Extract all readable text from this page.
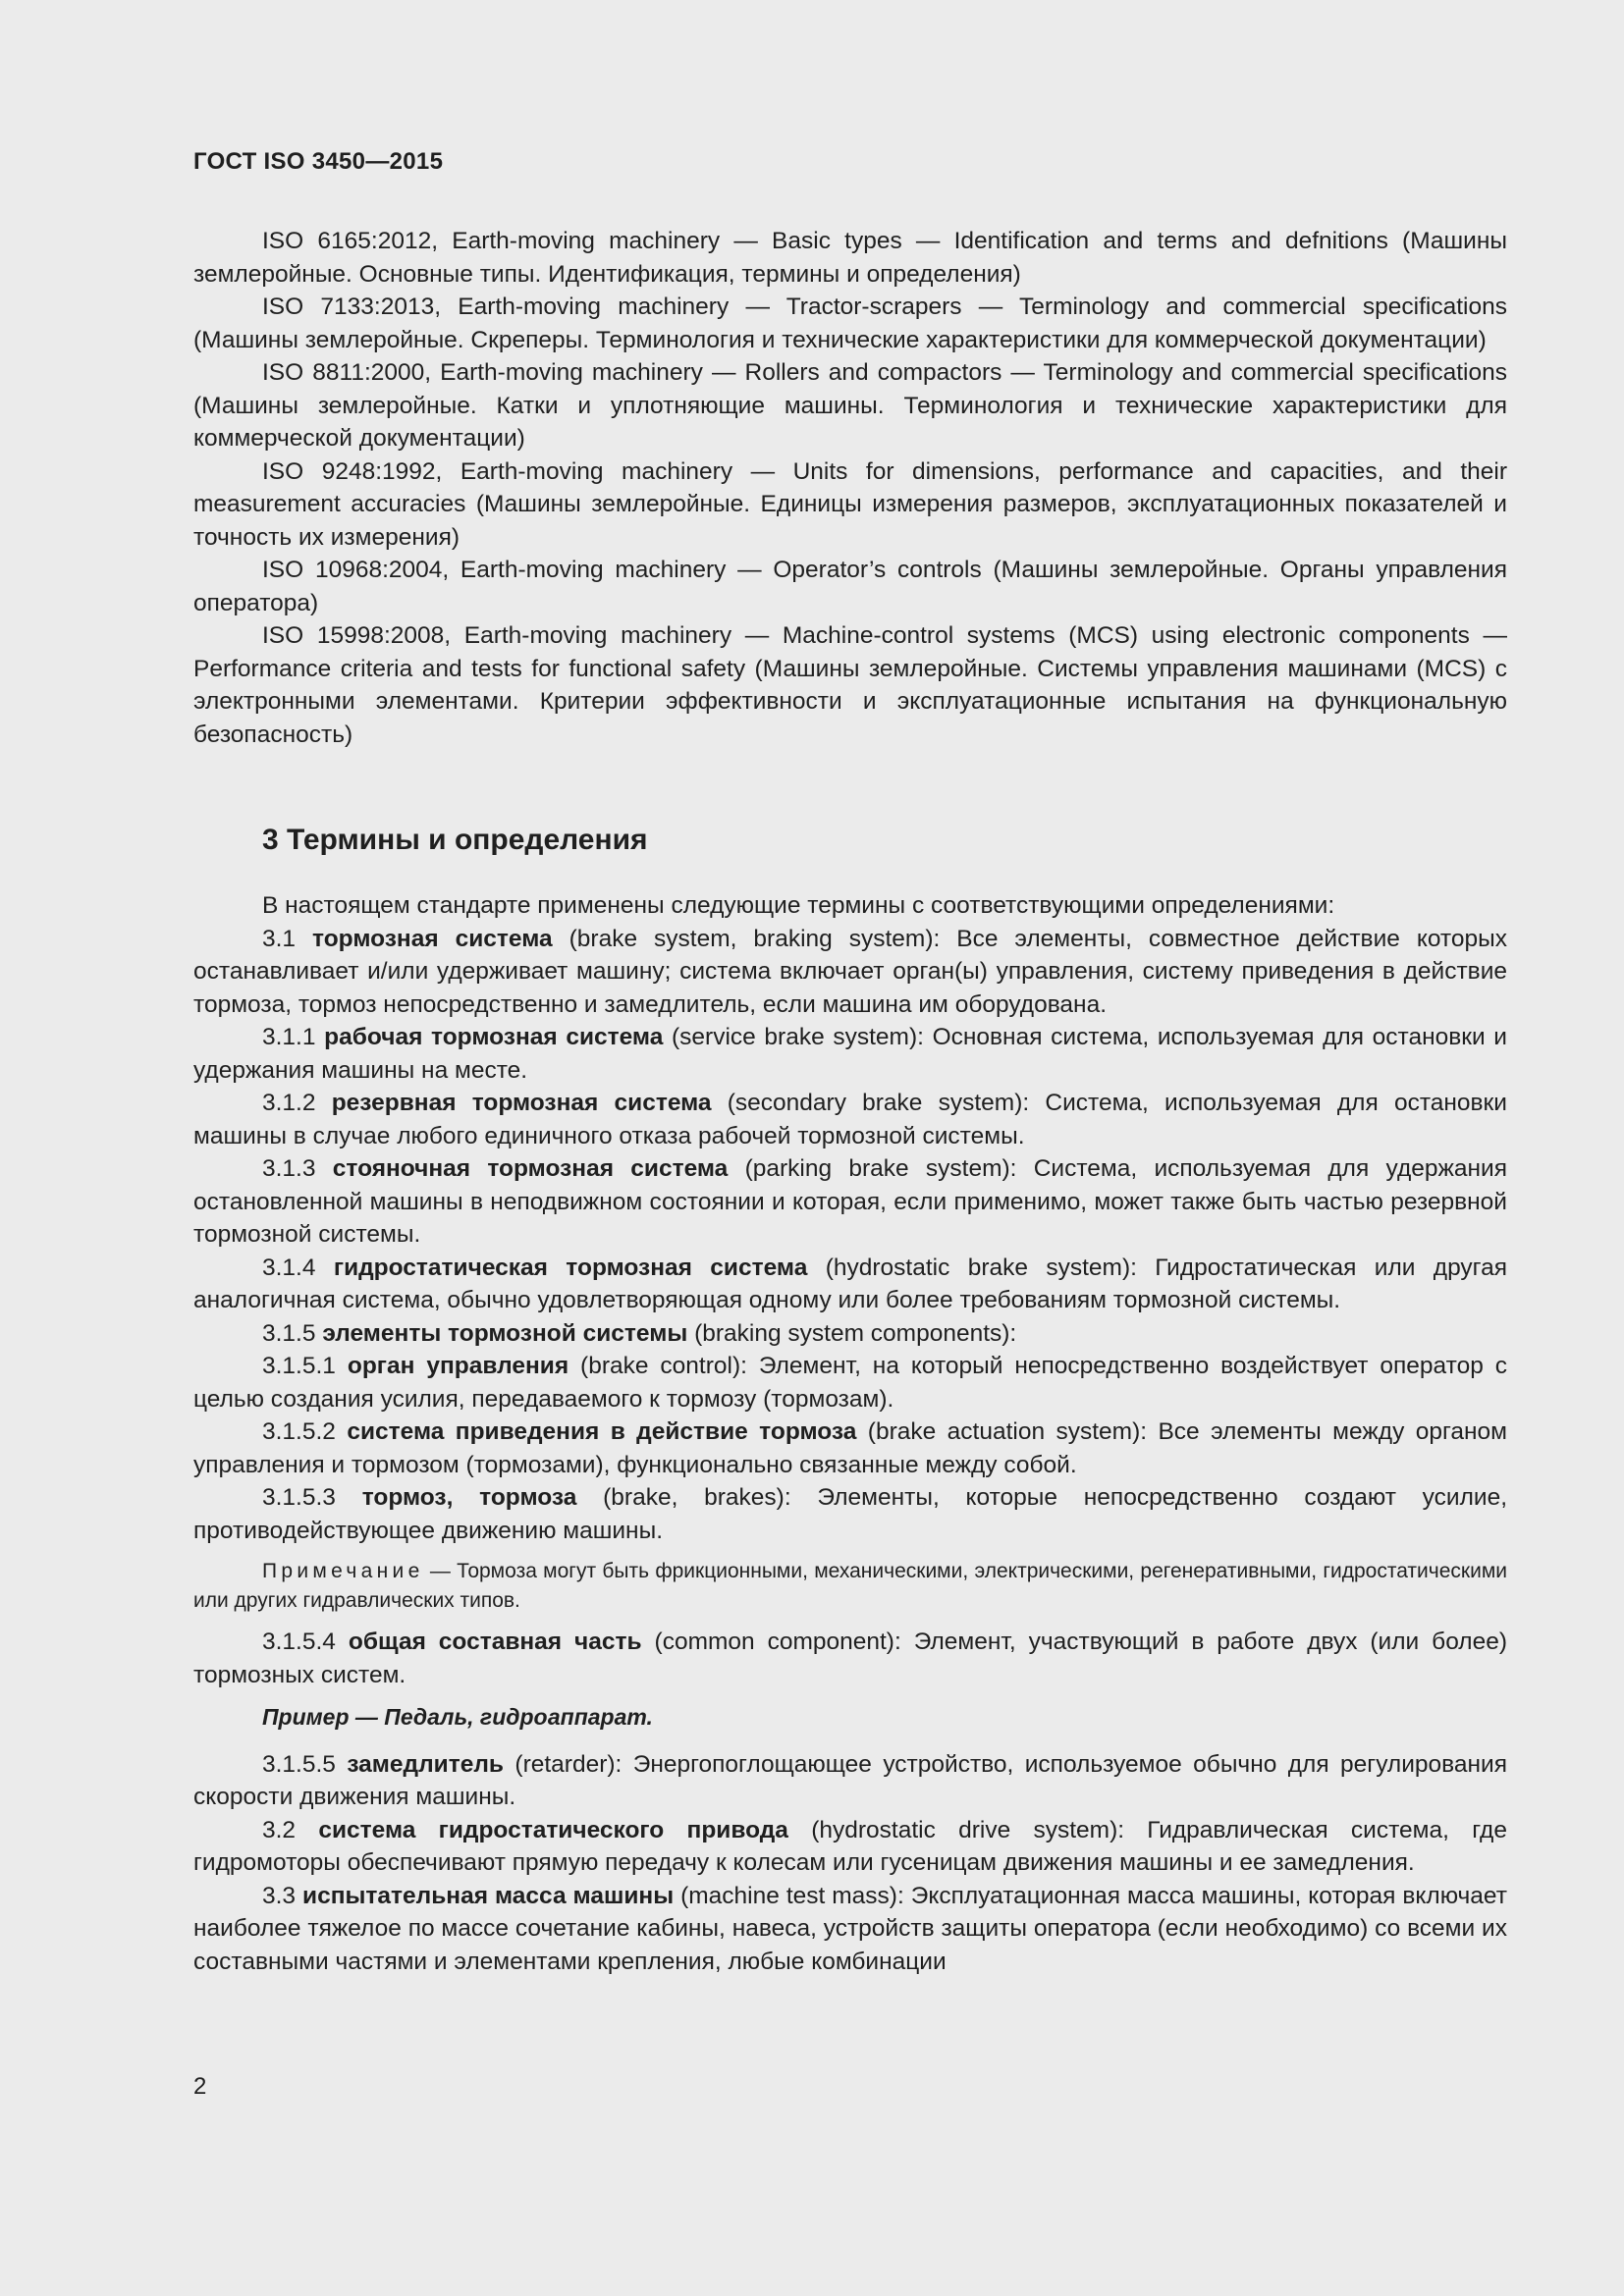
ГОСТ ISO 3450—2015

ISO 6165:2012, Earth-moving machinery — Basic types — Identification and terms and defnitions (Машины землеройные. Основные типы. Идентификация, термины и определения)

ISO 7133:2013, Earth-moving machinery — Tractor-scrapers — Terminology and commercial specifications (Машины землеройные. Скреперы. Терминология и технические характеристики для коммерческой документации)

ISO 8811:2000, Earth-moving machinery — Rollers and compactors — Terminology and commercial specifications (Машины землеройные. Катки и уплотняющие машины. Терминология и технические характеристики для коммерческой документации)

ISO 9248:1992, Earth-moving machinery — Units for dimensions, performance and capacities, and their measurement accuracies (Машины землеройные. Единицы измерения размеров, эксплуатационных показателей и точность их измерения)

ISO 10968:2004, Earth-moving machinery — Operator’s controls (Машины землеройные. Органы управления оператора)

ISO 15998:2008, Earth-moving machinery — Machine-control systems (MCS) using electronic components — Performance criteria and tests for functional safety (Машины землеройные. Системы управления машинами (MCS) с электронными элементами. Критерии эффективности и эксплуатационные испытания на функциональную безопасность)

3 Термины и определения

В настоящем стандарте применены следующие термины с соответствующими определениями:

3.1 тормозная система (brake system, braking system): Все элементы, совместное действие которых останавливает и/или удерживает машину; система включает орган(ы) управления, систему приведения в действие тормоза, тормоз непосредственно и замедлитель, если машина им оборудована.

3.1.1 рабочая тормозная система (service brake system): Основная система, используемая для остановки и удержания машины на месте.

3.1.2 резервная тормозная система (secondary brake system): Система, используемая для остановки машины в случае любого единичного отказа рабочей тормозной системы.

3.1.3 стояночная тормозная система (parking brake system): Система, используемая для удержания остановленной машины в неподвижном состоянии и которая, если применимо, может также быть частью резервной тормозной системы.

3.1.4 гидростатическая тормозная система (hydrostatic brake system): Гидростатическая или другая аналогичная система, обычно удовлетворяющая одному или более требованиям тормозной системы.

3.1.5 элементы тормозной системы (braking system components):

3.1.5.1 орган управления (brake control): Элемент, на который непосредственно воздействует оператор с целью создания усилия, передаваемого к тормозу (тормозам).

3.1.5.2 система приведения в действие тормоза (brake actuation system): Все элементы между органом управления и тормозом (тормозами), функционально связанные между собой.

3.1.5.3 тормоз, тормоза (brake, brakes): Элементы, которые непосредственно создают усилие, противодействующее движению машины.

Примечание — Тормоза могут быть фрикционными, механическими, электрическими, регенеративными, гидростатическими или других гидравлических типов.

3.1.5.4 общая составная часть (common component): Элемент, участвующий в работе двух (или более) тормозных систем.

Пример — Педаль, гидроаппарат.

3.1.5.5 замедлитель (retarder): Энергопоглощающее устройство, используемое обычно для регулирования скорости движения машины.

3.2 система гидростатического привода (hydrostatic drive system): Гидравлическая система, где гидромоторы обеспечивают прямую передачу к колесам или гусеницам движения машины и ее замедления.

3.3 испытательная масса машины (machine test mass): Эксплуатационная масса машины, которая включает наиболее тяжелое по массе сочетание кабины, навеса, устройств защиты оператора (если необходимо) со всеми их составными частями и элементами крепления, любые комбинации

2
